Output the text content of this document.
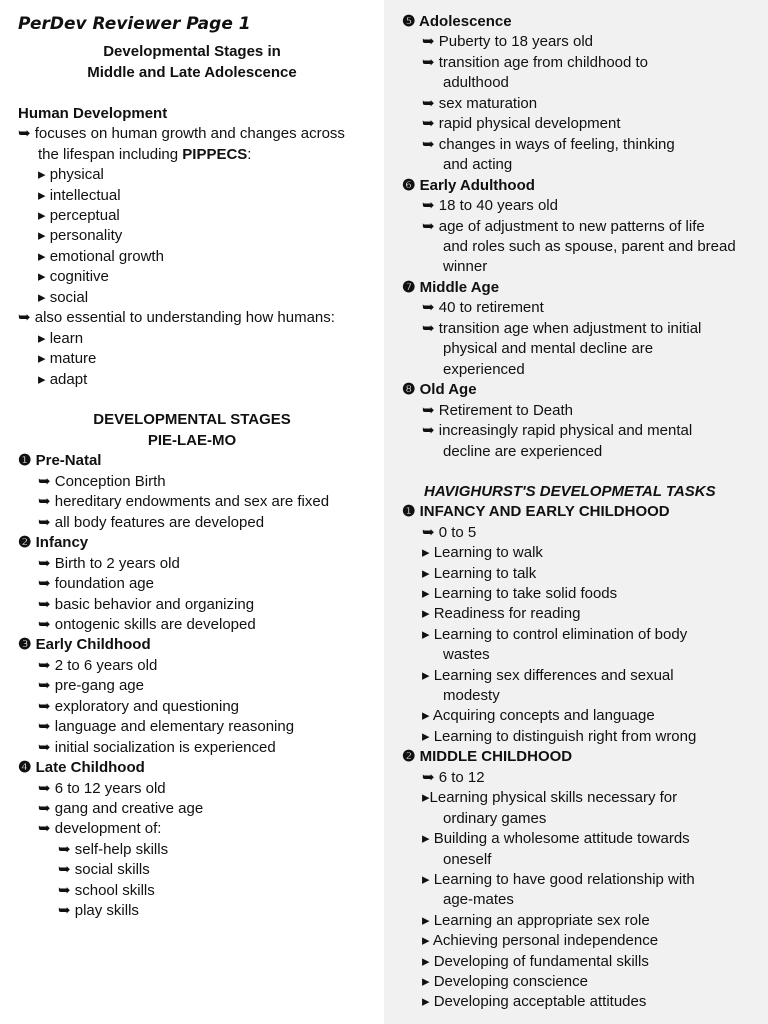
PerDev Reviewer Page 1
Developmental Stages in
Middle and Late Adolescence
Human Development
➥ focuses on human growth and changes across
the lifespan including PIPPECS:
▸ physical
▸ intellectual
▸ perceptual
▸ personality
▸ emotional growth
▸ cognitive
▸ social
➥ also essential to understanding how humans:
▸ learn
▸ mature
▸ adapt
DEVELOPMENTAL STAGES
PIE-LAE-MO
❶ Pre-Natal
➥ Conception Birth
➥ hereditary endowments and sex are fixed
➥ all body features are developed
❷ Infancy
➥ Birth to 2 years old
➥ foundation age
➥ basic behavior and organizing
➥ ontogenic skills are developed
❸ Early Childhood
➥ 2 to 6 years old
➥ pre-gang age
➥ exploratory and questioning
➥ language and elementary reasoning
➥ initial socialization is experienced
❹ Late Childhood
➥ 6 to 12 years old
➥ gang and creative age
➥ development of:
➥ self-help skills
➥ social skills
➥ school skills
➥ play skills
❺ Adolescence
➥ Puberty to 18 years old
➥ transition age from childhood to
adulthood
➥ sex maturation
➥ rapid physical development
➥ changes in ways of feeling, thinking
and acting
❻ Early Adulthood
➥ 18 to 40 years old
➥ age of adjustment to new patterns of life
and roles such as spouse, parent and bread
winner
❼ Middle Age
➥ 40 to retirement
➥ transition age when adjustment to initial
physical and mental decline are
experienced
❽ Old Age
➥ Retirement to Death
➥ increasingly rapid physical and mental
decline are experienced
HAVIGHURST'S DEVELOPMETAL TASKS
❶ INFANCY AND EARLY CHILDHOOD
➥ 0 to 5
▸ Learning to walk
▸ Learning to talk
▸ Learning to take solid foods
▸ Readiness for reading
▸ Learning to control elimination of body
wastes
▸ Learning sex differences and sexual
modesty
▸ Acquiring concepts and language
▸ Learning to distinguish right from wrong
❷ MIDDLE CHILDHOOD
➥ 6 to 12
▸Learning physical skills necessary for
ordinary games
▸ Building a wholesome attitude towards
oneself
▸ Learning to have good relationship with
age-mates
▸ Learning an appropriate sex role
▸ Achieving personal independence
▸ Developing of fundamental skills
▸ Developing conscience
▸ Developing acceptable attitudes
